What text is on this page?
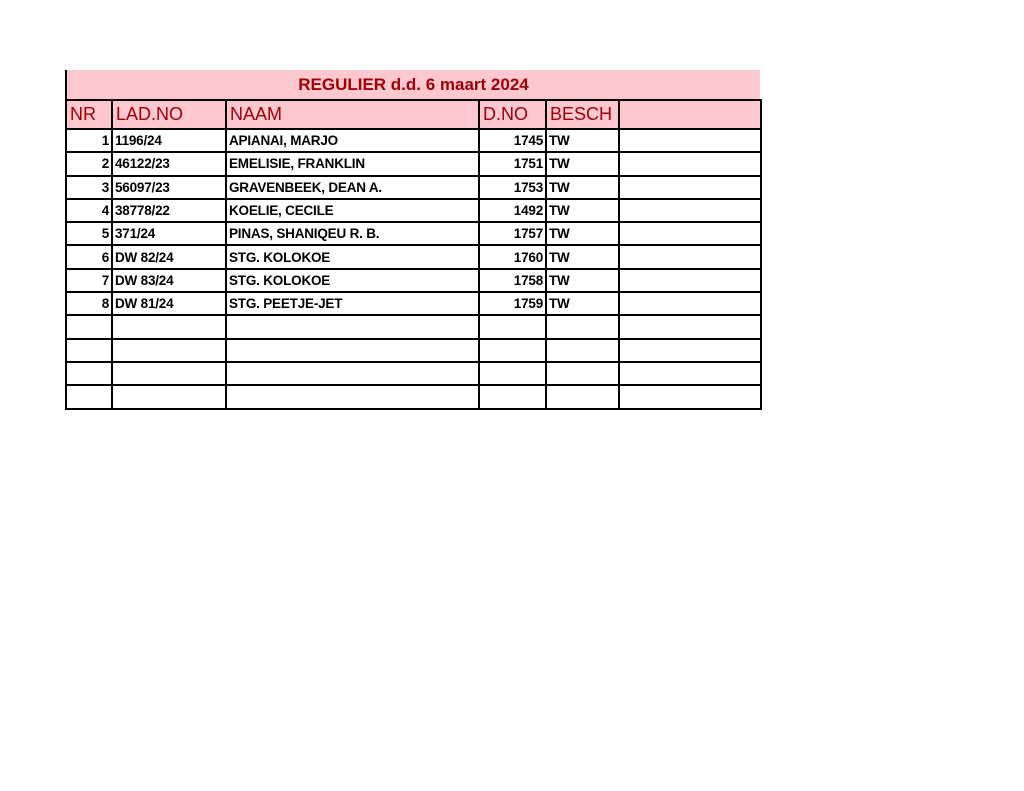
REGULIER d.d. 6 maart 2024
NR	LAD.NO	NAAM	D.NO	BESCH	
1	1196/24	APIANAI, MARJO	1745	TW	
2	46122/23	EMELISIE, FRANKLIN	1751	TW	
3	56097/23	GRAVENBEEK, DEAN A.	1753	TW	
4	38778/22	KOELIE, CECILE	1492	TW	
5	371/24	PINAS, SHANIQEU R. B.	1757	TW	
6	DW 82/24	STG. KOLOKOE	1760	TW	
7	DW 83/24	STG. KOLOKOE	1758	TW	
8	DW 81/24	STG. PEETJE-JET	1759	TW	
